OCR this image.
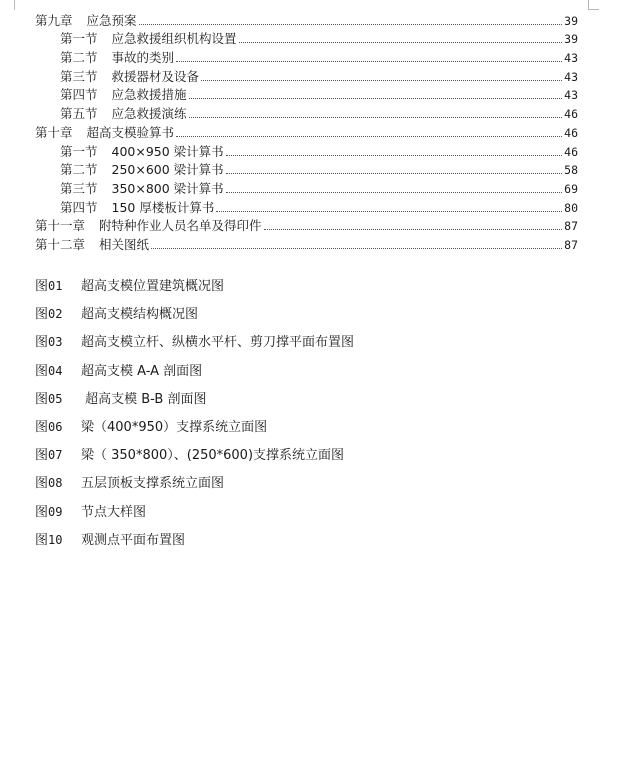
第九章 应急预案	39
第一节 应急救援组织机构设置	39
第二节 事故的类别	43
第三节 救援器材及设备	43
第四节 应急救援措施	43
第五节 应急救援演练	46
第十章 超高支模验算书	46
第一节 400×950 梁计算书	46
第二节 250×600 梁计算书	58
第三节 350×800 梁计算书	69
第四节 150 厚楼板计算书	80
第十一章 附特种作业人员名单及得印件	87
第十二章 相关图纸	87
图01 超高支模位置建筑概况图
图02 超高支模结构概况图
图03 超高支模立杆、纵横水平杆、剪刀撑平面布置图
图04 超高支模 A-A 剖面图
图05 超高支模 B-B 剖面图
图06 梁（400*950）支撑系统立面图
图07 梁（ 350*800）、(250*600)支撑系统立面图
图08 五层顶板支撑系统立面图
图09 节点大样图
图10 观测点平面布置图
